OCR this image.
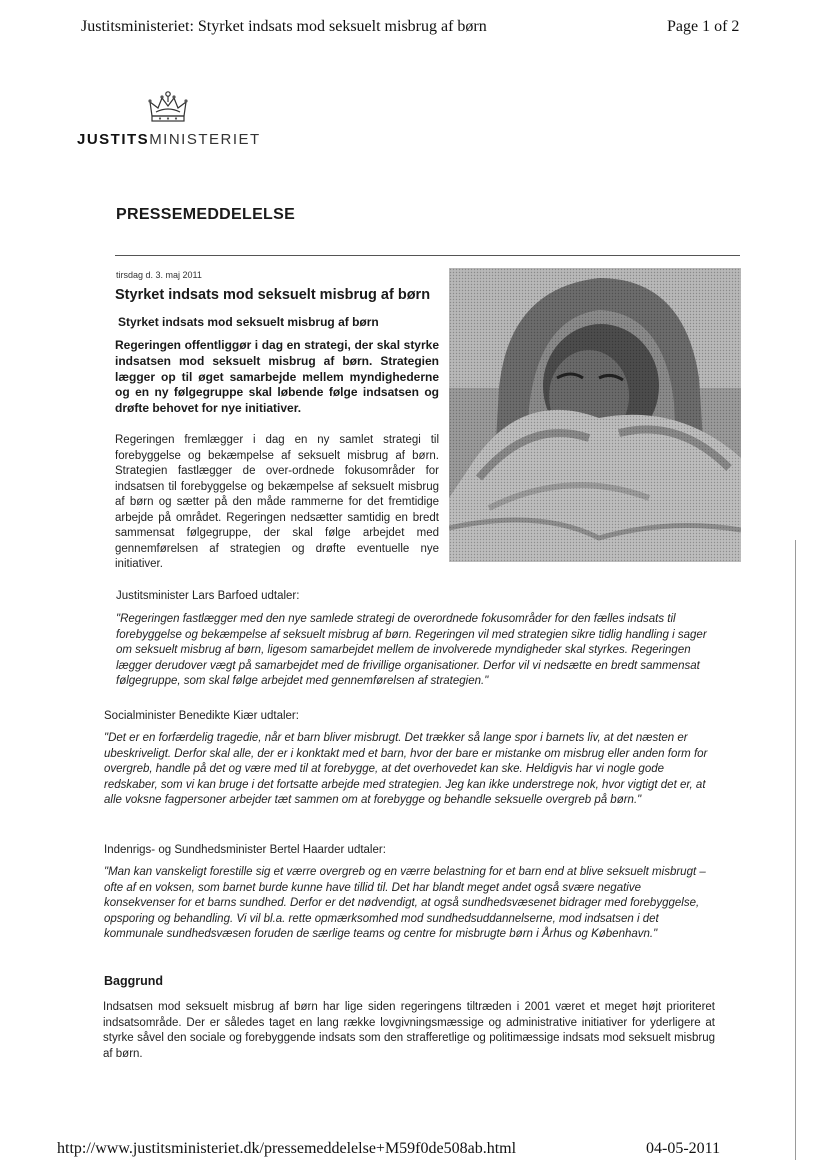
Justitsministeriet: Styrket indsats mod seksuelt misbrug af børn	Page 1 of 2
JUSTITSMINISTERIET
PRESSEMEDDELELSE
tirsdag d. 3. maj 2011
Styrket indsats mod seksuelt misbrug af børn
Styrket indsats mod seksuelt misbrug af børn
Regeringen offentliggør i dag en strategi, der skal styrke indsatsen mod seksuelt misbrug af børn. Strategien lægger op til øget samarbejde mellem myndighederne og en ny følgegruppe skal løbende følge indsatsen og drøfte behovet for nye initiativer.
Regeringen fremlægger i dag en ny samlet strategi til forebyggelse og bekæmpelse af seksuelt misbrug af børn. Strategien fastlægger de over-ordnede fokusområder for indsatsen til forebyggelse og bekæmpelse af seksuelt misbrug af børn og sætter på den måde rammerne for det fremtidige arbejde på området. Regeringen nedsætter samtidig en bredt sammensat følgegruppe, der skal følge arbejdet med gennemførelsen af strategien og drøfte eventuelle nye initiativer.
Justitsminister Lars Barfoed udtaler:
"Regeringen fastlægger med den nye samlede strategi de overordnede fokusområder for den fælles indsats til forebyggelse og bekæmpelse af seksuelt misbrug af børn. Regeringen vil med strategien sikre tidlig handling i sager om seksuelt misbrug af børn, ligesom samarbejdet mellem de involverede myndigheder skal styrkes. Regeringen lægger derudover vægt på samarbejdet med de frivillige organisationer. Derfor vil vi nedsætte en bredt sammensat følgegruppe, som skal følge arbejdet med gennemførelsen af strategien."
Socialminister Benedikte Kiær udtaler:
"Det er en forfærdelig tragedie, når et barn bliver misbrugt. Det trækker så lange spor i barnets liv, at det næsten er ubeskriveligt. Derfor skal alle, der er i konktakt med et barn, hvor der bare er mistanke om misbrug eller anden form for overgreb, handle på det og være med til at forebygge, at det overhovedet kan ske. Heldigvis har vi nogle gode redskaber, som vi kan bruge i det fortsatte arbejde med strategien. Jeg kan ikke understrege nok, hvor vigtigt det er, at alle voksne fagpersoner arbejder tæt sammen om at forebygge og behandle seksuelle overgreb på børn."
Indenrigs- og Sundhedsminister Bertel Haarder udtaler:
"Man kan vanskeligt forestille sig et værre overgreb og en værre belastning for et barn end at blive seksuelt misbrugt – ofte af en voksen, som barnet burde kunne have tillid til. Det har blandt meget andet også svære negative konsekvenser for et barns sundhed. Derfor er det nødvendigt, at også sundhedsvæsenet bidrager med forebyggelse, opsporing og behandling. Vi vil bl.a. rette opmærksomhed mod sundhedsuddannelserne, mod indsatsen i det kommunale sundhedsvæsen foruden de særlige teams og centre for misbrugte børn i Århus og København."
Baggrund
Indsatsen mod seksuelt misbrug af børn har lige siden regeringens tiltræden i 2001 været et meget højt prioriteret indsatsområde. Der er således taget en lang række lovgivningsmæssige og administrative initiativer for yderligere at styrke såvel den sociale og forebyggende indsats som den strafferetlige og politimæssige indsats mod seksuelt misbrug af børn.
http://www.justitsministeriet.dk/pressemeddelelse+M59f0de508ab.html	04-05-2011
